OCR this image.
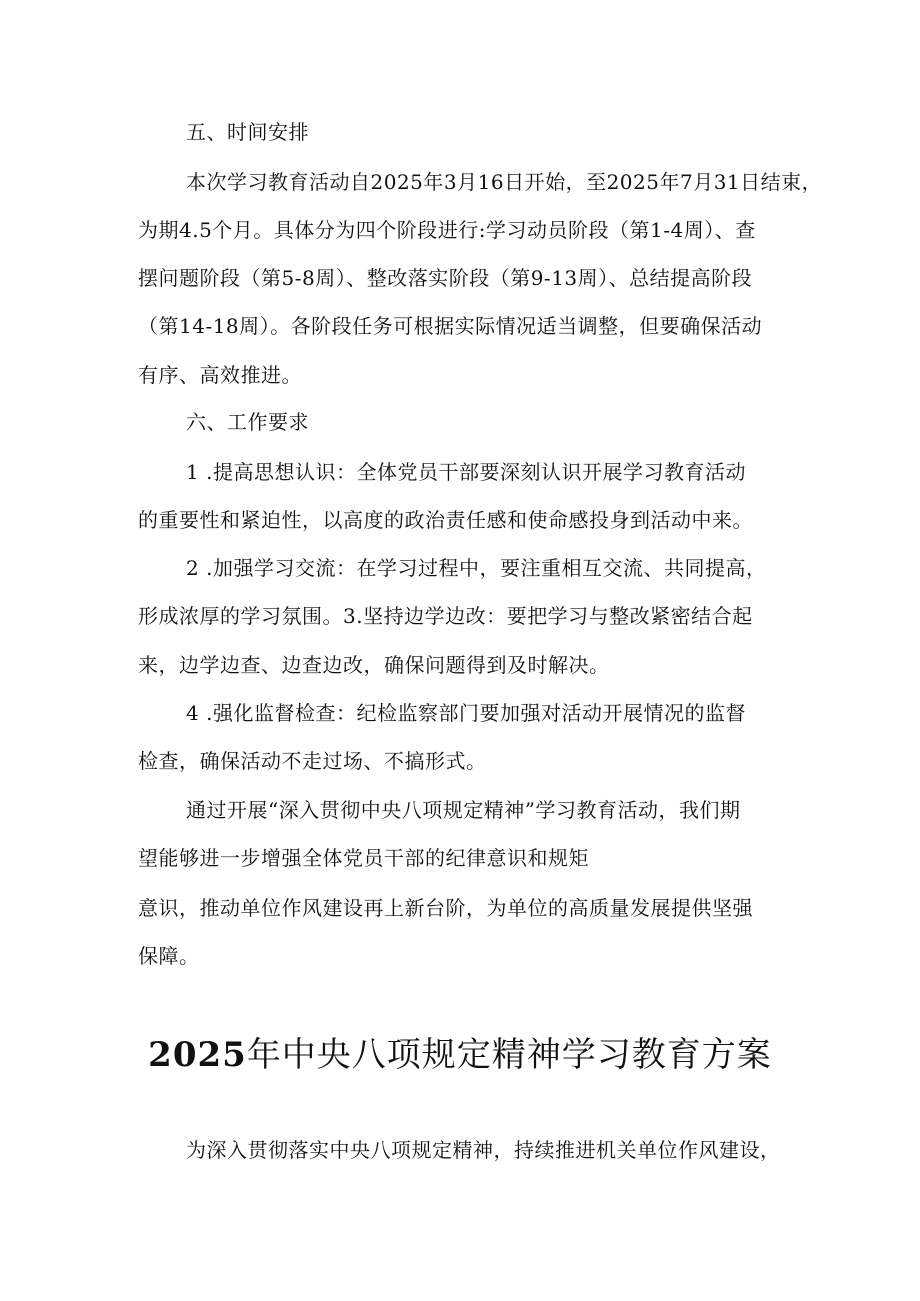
五、时间安排
本次学习教育活动自2025年3月16日开始，至2025年7月31日结束，
为期4.5个月。具体分为四个阶段进行:学习动员阶段（第1-4周）、查
摆问题阶段（第5-8周）、整改落实阶段（第9-13周）、总结提高阶段
（第14-18周）。各阶段任务可根据实际情况适当调整，但要确保活动
有序、高效推进。
六、工作要求
1 .提高思想认识：全体党员干部要深刻认识开展学习教育活动
的重要性和紧迫性，以高度的政治责任感和使命感投身到活动中来。
2 .加强学习交流：在学习过程中，要注重相互交流、共同提高，
形成浓厚的学习氛围。3.坚持边学边改：要把学习与整改紧密结合起
来，边学边查、边查边改，确保问题得到及时解决。
4 .强化监督检查：纪检监察部门要加强对活动开展情况的监督
检查，确保活动不走过场、不搞形式。
通过开展“深入贯彻中央八项规定精神”学习教育活动，我们期
望能够进一步增强全体党员干部的纪律意识和规矩
意识，推动单位作风建设再上新台阶，为单位的高质量发展提供坚强
保障。
2025年中央八项规定精神学习教育方案
为深入贯彻落实中央八项规定精神，持续推进机关单位作风建设，
